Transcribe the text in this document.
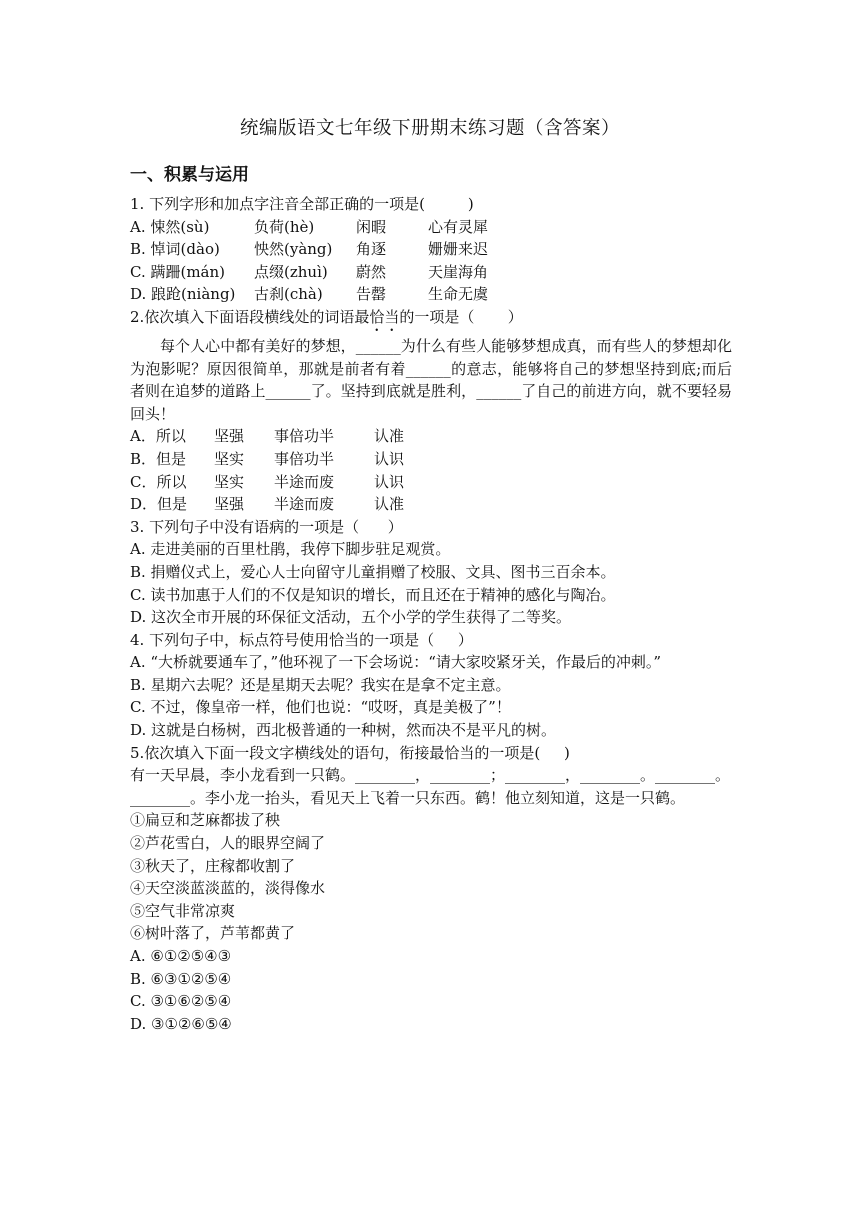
统编版语文七年级下册期末练习题（含答案）
一、积累与运用
1. 下列字形和加点字注音全部正确的一项是(         )
A. 悚然(sù)	负荷(hè)	闲暇	心有灵犀
B. 悼词(dào) 怏然(yàng) 角逐	姗姗来迟
C. 蹒跚(mán) 点缀(zhuì) 蔚然	天崖海角
D. 踉跄(niàng) 古刹(chà) 告罄	生命无虞
2.依次填入下面语段横线处的词语最恰当的一项是（       ）
每个人心中都有美好的梦想，______为什么有些人能够梦想成真，而有些人的梦想却化为泡影呢？原因很简单，那就是前者有着______的意志，能够将自己的梦想坚持到底;而后者则在追梦的道路上______了。坚持到底就是胜利，______了自己的前进方向，就不要轻易回头！
A．所以 坚强 事倍功半	认准
B．但是 坚实 事倍功半	认识
C．所以 坚实 半途而废	认识
D．但是 坚强 半途而废	认准
3. 下列句子中没有语病的一项是（      ）
A. 走进美丽的百里杜鹃，我停下脚步驻足观赏。
B. 捐赠仪式上，爱心人士向留守儿童捐赠了校服、文具、图书三百余本。
C. 读书加惠于人们的不仅是知识的增长，而且还在于精神的感化与陶冶。
D. 这次全市开展的环保征文活动，五个小学的学生获得了二等奖。
4. 下列句子中，标点符号使用恰当的一项是（     ）
A. “大桥就要通车了，”他环视了一下会场说：“请大家咬紧牙关，作最后的冲刺。”
B. 星期六去呢？还是星期天去呢？我实在是拿不定主意。
C. 不过，像皇帝一样，他们也说：“哎呀，真是美极了”！
D. 这就是白杨树，西北极普通的一种树，然而决不是平凡的树。
5.依次填入下面一段文字横线处的语句，衔接最恰当的一项是(     )
有一天早晨，李小龙看到一只鹤。________，________；________，________。________。________。李小龙一抬头，看见天上飞着一只东西。鹤！他立刻知道，这是一只鹤。
①扁豆和芝麻都拔了秧
②芦花雪白，人的眼界空阔了
③秋天了，庄稼都收割了
④天空淡蓝淡蓝的，淡得像水
⑤空气非常凉爽
⑥树叶落了，芦苇都黄了
A. ⑥①②⑤④③
B. ⑥③①②⑤④
C. ③①⑥②⑤④
D. ③①②⑥⑤④
